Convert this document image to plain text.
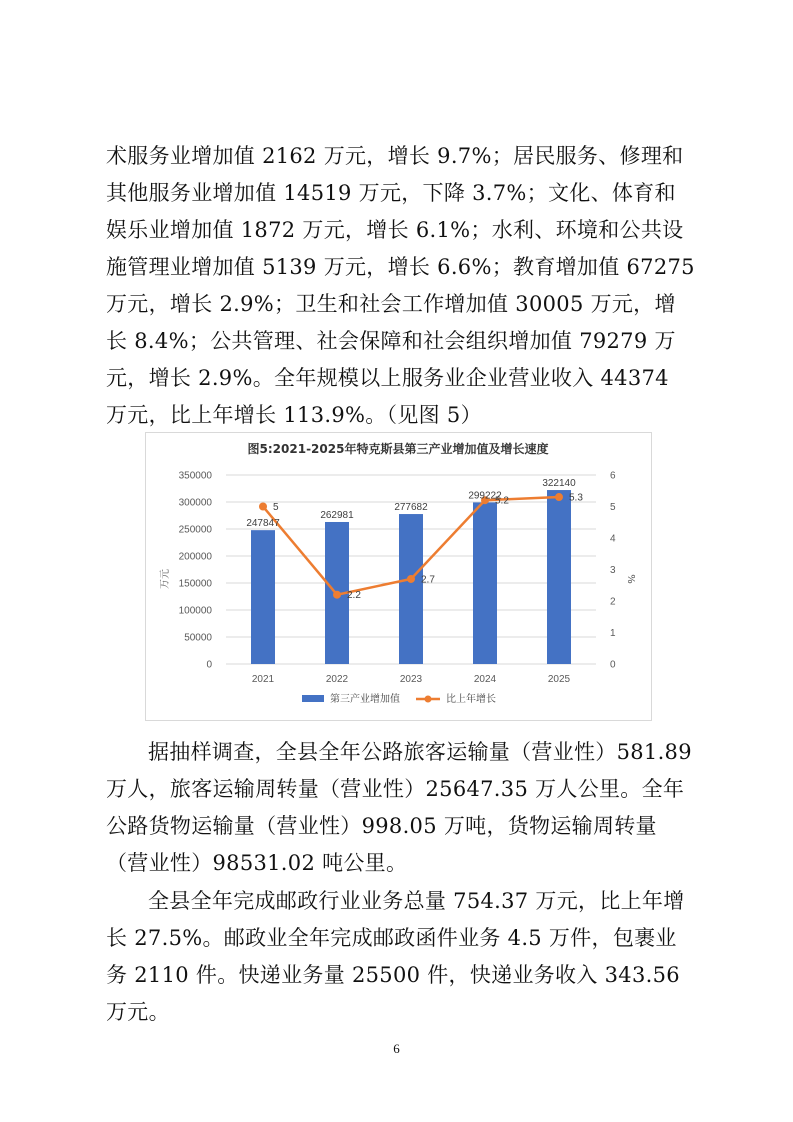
术服务业增加值 2162 万元，增长 9.7%；居民服务、修理和其他服务业增加值 14519 万元，下降 3.7%；文化、体育和娱乐业增加值 1872 万元，增长 6.1%；水利、环境和公共设施管理业增加值 5139 万元，增长 6.6%；教育增加值 67275 万元，增长 2.9%；卫生和社会工作增加值 30005 万元，增长 8.4%；公共管理、社会保障和社会组织增加值 79279 万元，增长 2.9%。全年规模以上服务业企业营业收入 44374 万元，比上年增长 113.9%。（见图 5）

图5:2021-2025年特克斯县第三产业增加值及增长速度
0
50000
100000
150000
200000
250000
300000
350000
0
1
2
3
4
5
6
2021	2022	2023	2024	2025
247847
262981
277682
299222
322140
5
2.2
2.7
5.2	5.3
万元	%
第三产业增加值	比上年增长

据抽样调查，全县全年公路旅客运输量（营业性）581.89 万人，旅客运输周转量（营业性）25647.35 万人公里。全年公路货物运输量（营业性）998.05 万吨，货物运输周转量（营业性）98531.02 吨公里。

全县全年完成邮政行业业务总量 754.37 万元，比上年增长 27.5%。邮政业全年完成邮政函件业务 4.5 万件，包裹业务 2110 件。快递业务量 25500 件，快递业务收入 343.56 万元。

6
